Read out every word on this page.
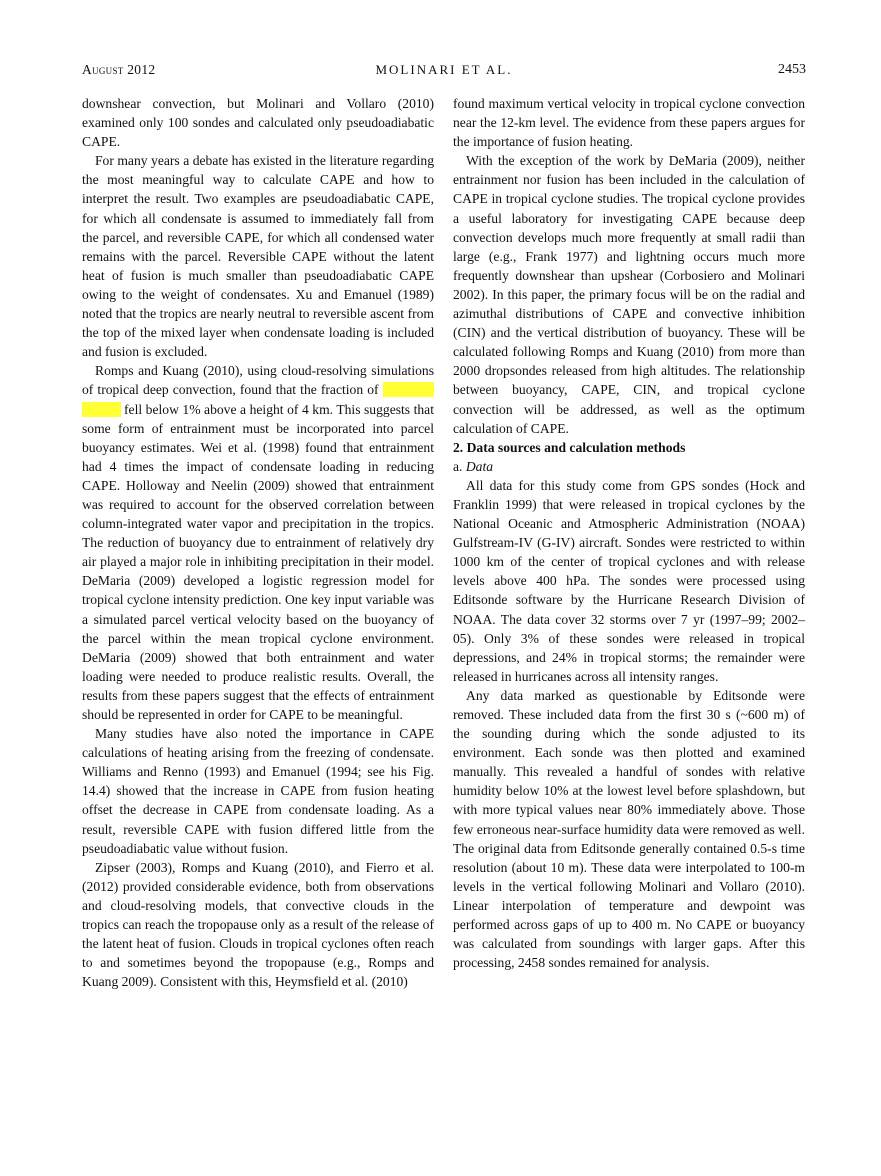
August 2012	MOLINARI ET AL.	2453

downshear convection, but Molinari and Vollaro (2010) examined only 100 sondes and calculated only pseudoadiabatic CAPE.

For many years a debate has existed in the literature regarding the most meaningful way to calculate CAPE and how to interpret the result. Two examples are pseudoadiabatic CAPE, for which all condensate is assumed to immediately fall from the parcel, and reversible CAPE, for which all condensed water remains with the parcel. Reversible CAPE without the latent heat of fusion is much smaller than pseudoadiabatic CAPE owing to the weight of condensates. Xu and Emanuel (1989) noted that the tropics are nearly neutral to reversible ascent from the top of the mixed layer when condensate loading is included and fusion is excluded.

Romps and Kuang (2010), using cloud-resolving simulations of tropical deep convection, found that the fraction of undiluted parcels fell below 1% above a height of 4 km. This suggests that some form of entrainment must be incorporated into parcel buoyancy estimates. Wei et al. (1998) found that entrainment had 4 times the impact of condensate loading in reducing CAPE. Holloway and Neelin (2009) showed that entrainment was required to account for the observed correlation between column-integrated water vapor and precipitation in the tropics. The reduction of buoyancy due to entrainment of relatively dry air played a major role in inhibiting precipitation in their model. DeMaria (2009) developed a logistic regression model for tropical cyclone intensity prediction. One key input variable was a simulated parcel vertical velocity based on the buoyancy of the parcel within the mean tropical cyclone environment. DeMaria (2009) showed that both entrainment and water loading were needed to produce realistic results. Overall, the results from these papers suggest that the effects of entrainment should be represented in order for CAPE to be meaningful.

Many studies have also noted the importance in CAPE calculations of heating arising from the freezing of condensate. Williams and Renno (1993) and Emanuel (1994; see his Fig. 14.4) showed that the increase in CAPE from fusion heating offset the decrease in CAPE from condensate loading. As a result, reversible CAPE with fusion differed little from the pseudoadiabatic value without fusion.

Zipser (2003), Romps and Kuang (2010), and Fierro et al. (2012) provided considerable evidence, both from observations and cloud-resolving models, that convective clouds in the tropics can reach the tropopause only as a result of the release of the latent heat of fusion. Clouds in tropical cyclones often reach to and sometimes beyond the tropopause (e.g., Romps and Kuang 2009). Consistent with this, Heymsfield et al. (2010)

found maximum vertical velocity in tropical cyclone convection near the 12-km level. The evidence from these papers argues for the importance of fusion heating.

With the exception of the work by DeMaria (2009), neither entrainment nor fusion has been included in the calculation of CAPE in tropical cyclone studies. The tropical cyclone provides a useful laboratory for investigating CAPE because deep convection develops much more frequently at small radii than large (e.g., Frank 1977) and lightning occurs much more frequently downshear than upshear (Corbosiero and Molinari 2002). In this paper, the primary focus will be on the radial and azimuthal distributions of CAPE and convective inhibition (CIN) and the vertical distribution of buoyancy. These will be calculated following Romps and Kuang (2010) from more than 2000 dropsondes released from high altitudes. The relationship between buoyancy, CAPE, CIN, and tropical cyclone convection will be addressed, as well as the optimum calculation of CAPE.

2. Data sources and calculation methods

a. Data

All data for this study come from GPS sondes (Hock and Franklin 1999) that were released in tropical cyclones by the National Oceanic and Atmospheric Administration (NOAA) Gulfstream-IV (G-IV) aircraft. Sondes were restricted to within 1000 km of the center of tropical cyclones and with release levels above 400 hPa. The sondes were processed using Editsonde software by the Hurricane Research Division of NOAA. The data cover 32 storms over 7 yr (1997–99; 2002–05). Only 3% of these sondes were released in tropical depressions, and 24% in tropical storms; the remainder were released in hurricanes across all intensity ranges.

Any data marked as questionable by Editsonde were removed. These included data from the first 30 s (~600 m) of the sounding during which the sonde adjusted to its environment. Each sonde was then plotted and examined manually. This revealed a handful of sondes with relative humidity below 10% at the lowest level before splashdown, but with more typical values near 80% immediately above. Those few erroneous near-surface humidity data were removed as well. The original data from Editsonde generally contained 0.5-s time resolution (about 10 m). These data were interpolated to 100-m levels in the vertical following Molinari and Vollaro (2010). Linear interpolation of temperature and dewpoint was performed across gaps of up to 400 m. No CAPE or buoyancy was calculated from soundings with larger gaps. After this processing, 2458 sondes remained for analysis.
